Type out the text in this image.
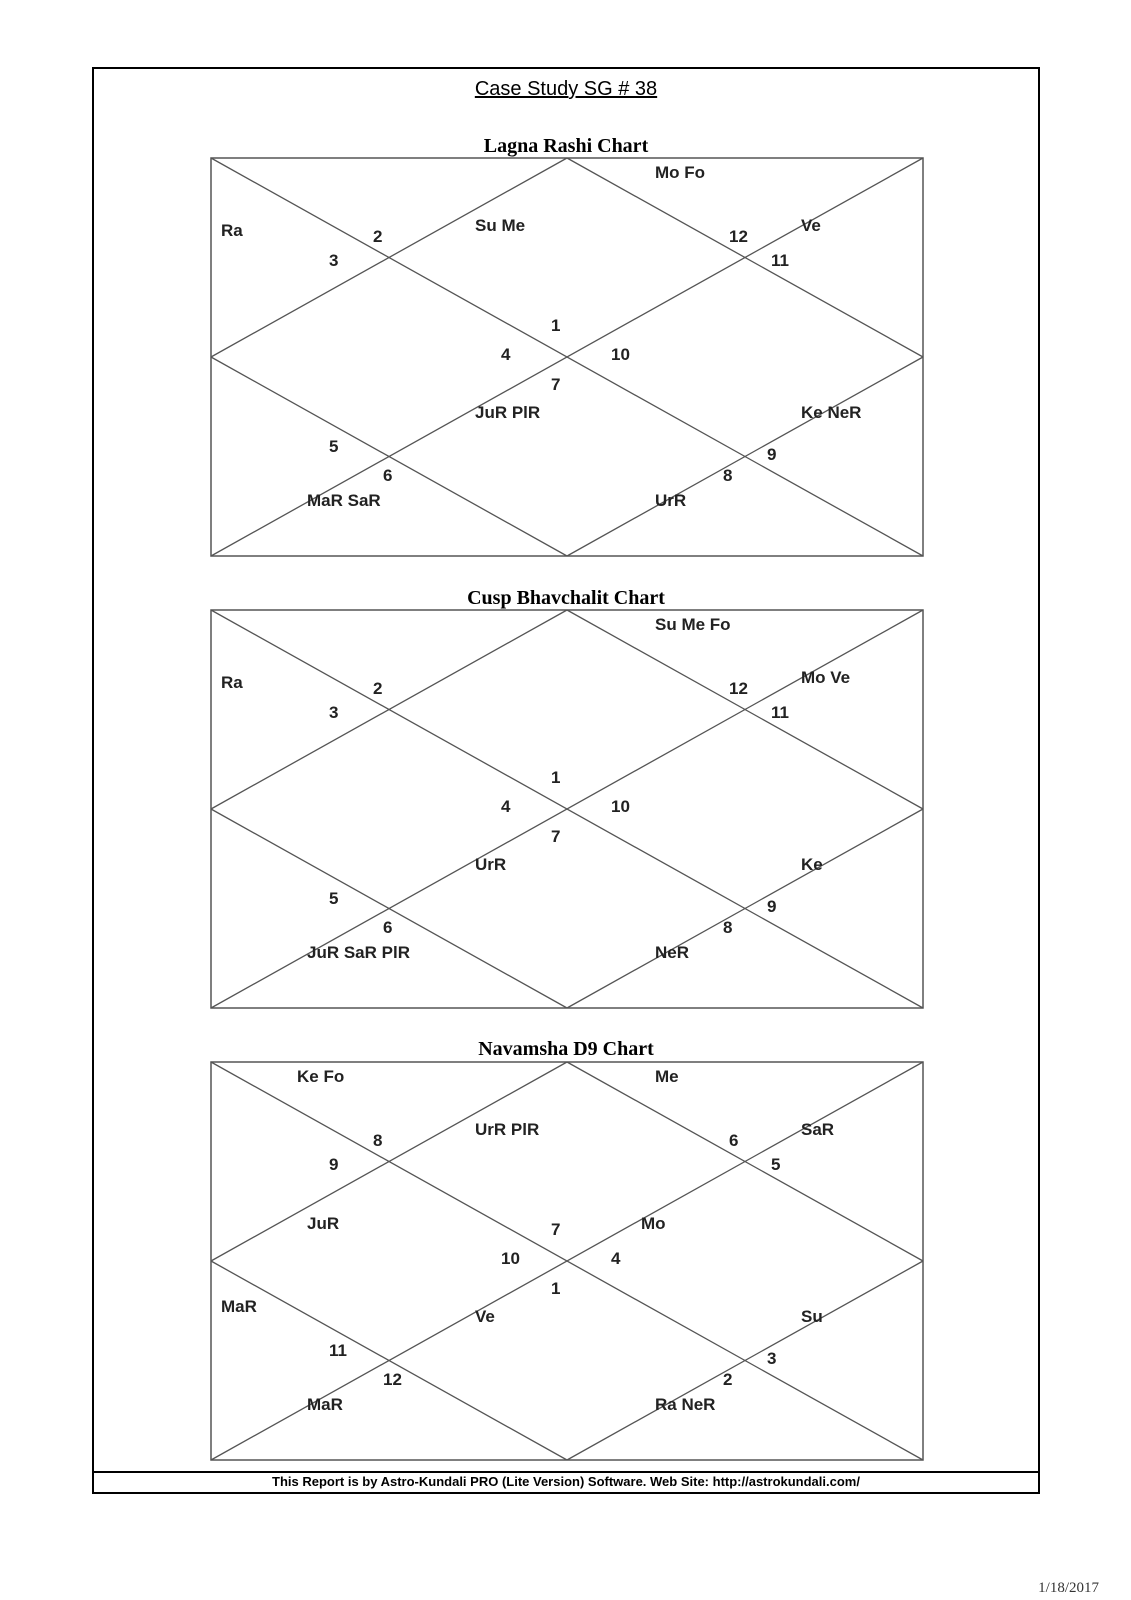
Case Study SG # 38
Lagna Rashi Chart
1
2
3
4
5
6
7
8
9
10
11
12
Su Me
Ra
MaR SaR
JuR PlR
UrR
Ke NeR
Ve
Mo Fo
Cusp Bhavchalit Chart
1
2
3
4
5
6
7
8
9
10
11
12
Ra
MaR
JuR SaR PlR
UrR
NeR
Ke
Mo Ve
Su Me Fo
Navamsha D9 Chart
7
8
9
10
11
12
1
2
3
4
5
6
UrR PlR
Ke Fo
JuR
MaR
Ve
Ra NeR
Su
Mo
SaR
Me
This Report is by Astro-Kundali PRO (Lite Version) Software. Web Site: http://astrokundali.com/
1/18/2017
